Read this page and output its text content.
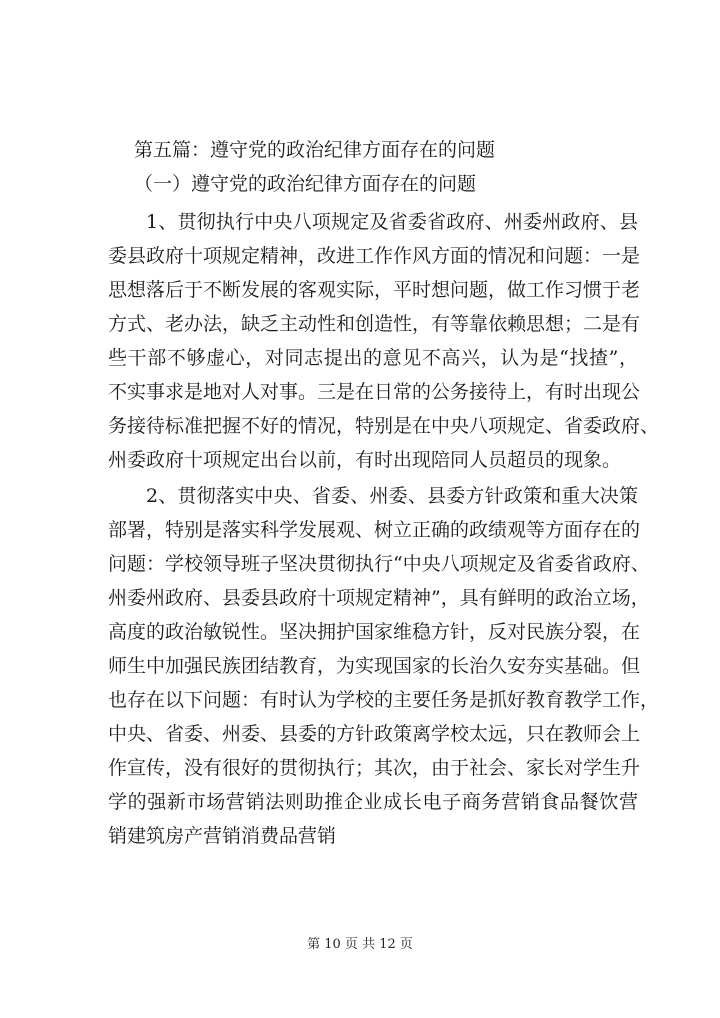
第五篇：遵守党的政治纪律方面存在的问题
（一）遵守党的政治纪律方面存在的问题
1、贯彻执行中央八项规定及省委省政府、州委州政府、县
委县政府十项规定精神，改进工作作风方面的情况和问题：一是
思想落后于不断发展的客观实际，平时想问题，做工作习惯于老
方式、老办法，缺乏主动性和创造性，有等靠依赖思想；二是有
些干部不够虚心，对同志提出的意见不高兴，认为是“找揸”，
不实事求是地对人对事。三是在日常的公务接待上，有时出现公
务接待标准把握不好的情况，特别是在中央八项规定、省委政府、
州委政府十项规定出台以前，有时出现陪同人员超员的现象。
2、贯彻落实中央、省委、州委、县委方针政策和重大决策
部署，特别是落实科学发展观、树立正确的政绩观等方面存在的
问题：学校领导班子坚决贯彻执行“中央八项规定及省委省政府、
州委州政府、县委县政府十项规定精神”，具有鲜明的政治立场，
高度的政治敏锐性。坚决拥护国家维稳方针，反对民族分裂，在
师生中加强民族团结教育，为实现国家的长治久安夯实基础。但
也存在以下问题：有时认为学校的主要任务是抓好教育教学工作，
中央、省委、州委、县委的方针政策离学校太远，只在教师会上
作宣传，没有很好的贯彻执行；其次，由于社会、家长对学生升
学的强新市场营销法则助推企业成长电子商务营销食品餐饮营
销建筑房产营销消费品营销
第 10 页 共 12 页
